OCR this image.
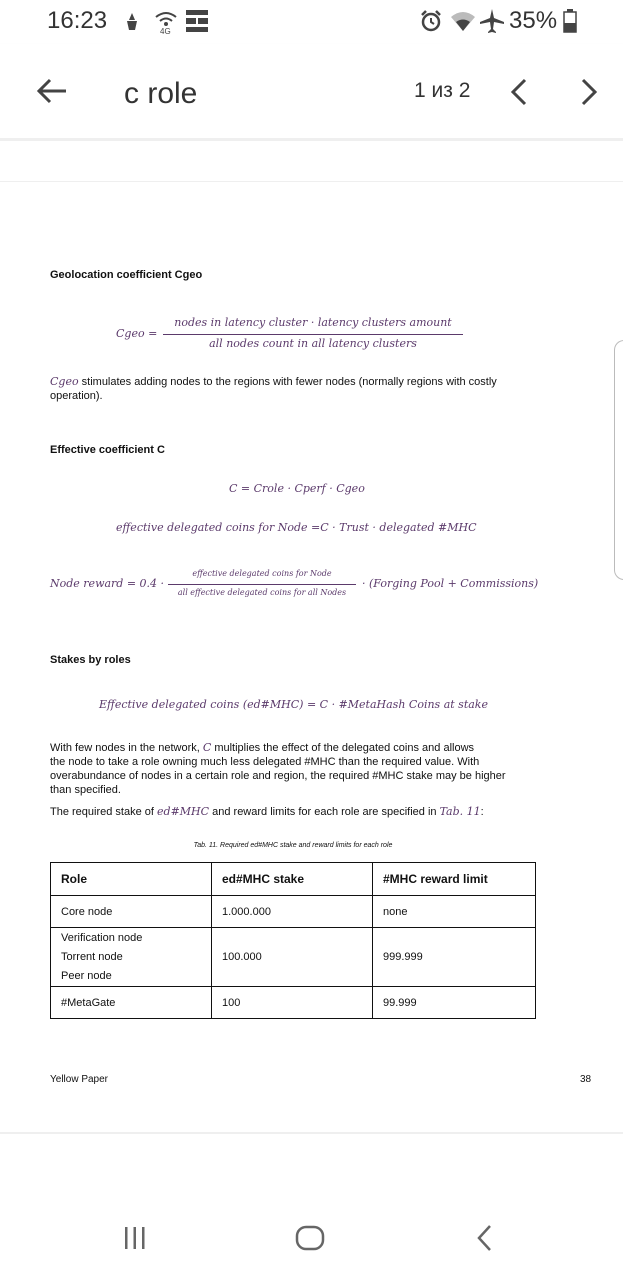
16:23	4G	35%
c role	1 из 2
Geolocation coefficient Cgeo
Cgeo =
nodes in latency cluster · latency clusters amount
all nodes count in all latency clusters
Cgeo stimulates adding nodes to the regions with fewer nodes (normally regions with costly
operation).
Effective coefficient C
C = Crole · Cperf · Cgeo
effective delegated coins for Node =C · Trust · delegated #MHC
Node reward = 0.4 ·
effective delegated coins for Node
all effective delegated coins for all Nodes
· (Forging Pool + Commissions)
Stakes by roles
Effective delegated coins (ed#MHC) = C · #MetaHash Coins at stake
With few nodes in the network, C multiplies the effect of the delegated coins and allows
the node to take a role owning much less delegated #MHC than the required value. With
overabundance of nodes in a certain role and region, the required #MHC stake may be higher
than specified.
The required stake of ed#MHC and reward limits for each role are specified in Tab. 11:
Tab. 11. Required ed#MHC stake and reward limits for each role
Role	ed#MHC stake	#MHC reward limit
Core node	1.000.000	none

Verification node
Torrent node
Peer node	100.000	999.999
#MetaGate	100	99.999
Yellow Paper	38
